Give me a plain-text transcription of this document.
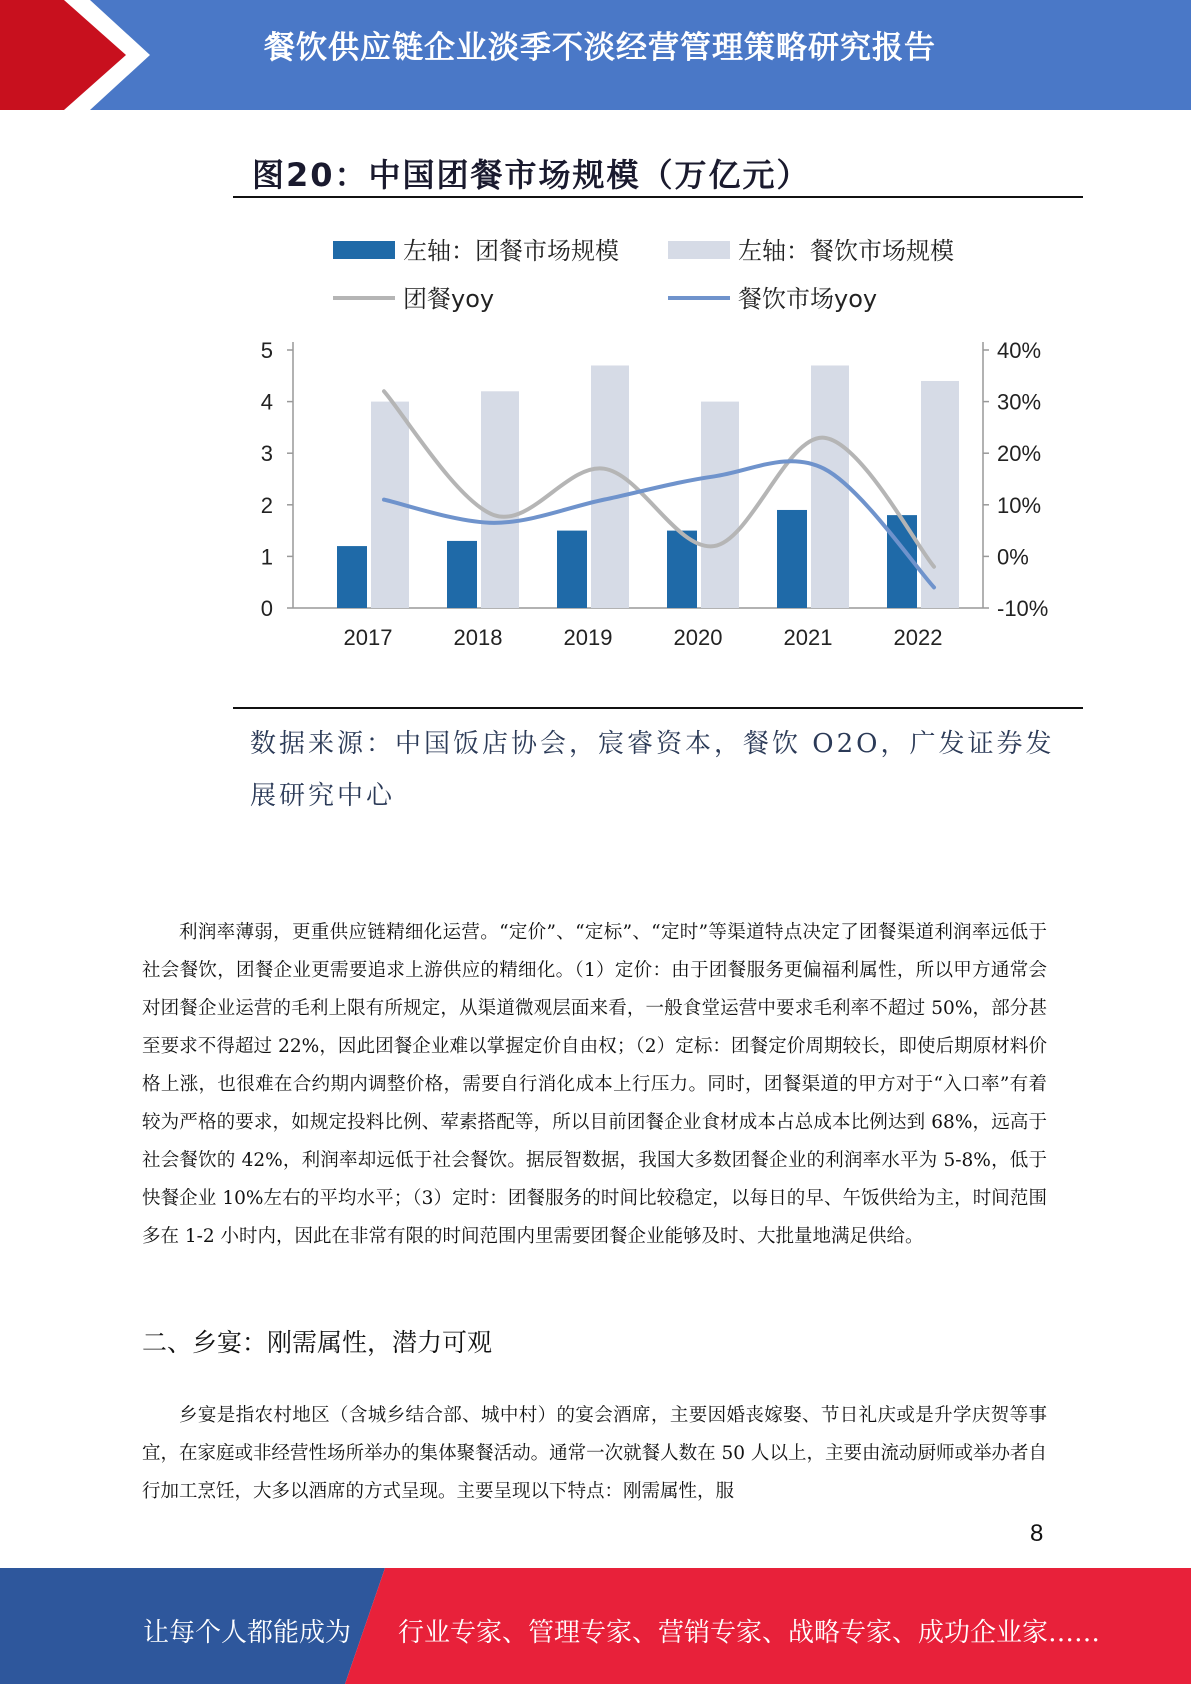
餐饮供应链企业淡季不淡经营管理策略研究报告
图20：中国团餐市场规模（万亿元）
左轴：团餐市场规模	左轴：餐饮市场规模
团餐yoy	餐饮市场yoy
0
1
2
3
4
5
-10%
0%
10%
20%
30%
40%
2017	2018	2019	2020	2021	2022
数据来源：中国饭店协会，宸睿资本，餐饮 O2O，广发证券发展研究中心

利润率薄弱，更重供应链精细化运营。“定价”、“定标”、“定时”等渠道特点决定了团餐渠道利润率远低于社会餐饮，团餐企业更需要追求上游供应的精细化。（1）定价：由于团餐服务更偏福利属性，所以甲方通常会对团餐企业运营的毛利上限有所规定，从渠道微观层面来看，一般食堂运营中要求毛利率不超过 50%，部分甚至要求不得超过 22%，因此团餐企业难以掌握定价自由权；（2）定标：团餐定价周期较长，即使后期原材料价格上涨，也很难在合约期内调整价格，需要自行消化成本上行压力。同时，团餐渠道的甲方对于“入口率”有着较为严格的要求，如规定投料比例、荤素搭配等，所以目前团餐企业食材成本占总成本比例达到 68%，远高于社会餐饮的 42%，利润率却远低于社会餐饮。据辰智数据，我国大多数团餐企业的利润率水平为 5-8%，低于快餐企业 10%左右的平均水平；（3）定时：团餐服务的时间比较稳定，以每日的早、午饭供给为主，时间范围多在 1-2 小时内，因此在非常有限的时间范围内里需要团餐企业能够及时、大批量地满足供给。

二、乡宴：刚需属性，潜力可观

乡宴是指农村地区（含城乡结合部、城中村）的宴会酒席，主要因婚丧嫁娶、节日礼庆或是升学庆贺等事宜，在家庭或非经营性场所举办的集体聚餐活动。通常一次就餐人数在 50 人以上，主要由流动厨师或举办者自行加工烹饪，大多以酒席的方式呈现。主要呈现以下特点：刚需属性，服

8
让每个人都能成为 行业专家、管理专家、营销专家、战略专家、成功企业家……
